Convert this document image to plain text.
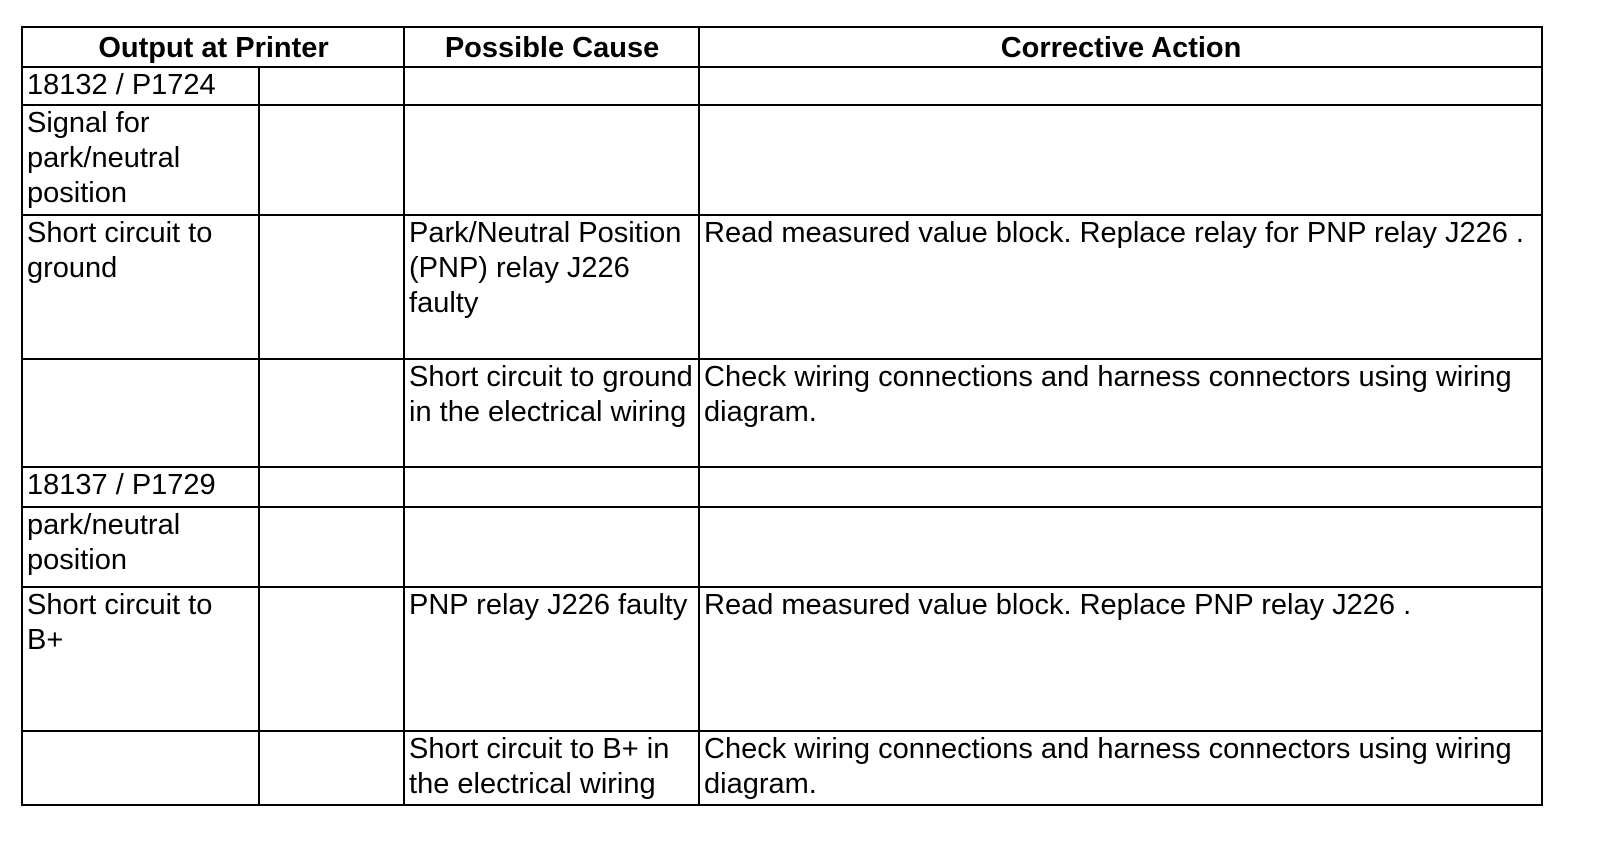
Output at Printer		Possible Cause	Corrective Action
18132 / P1724			
Signal for park/neutral position			
Short circuit to ground		Park/Neutral Position (PNP) relay J226 faulty	Read measured value block. Replace relay for PNP relay J226 .
		Short circuit to ground in the electrical wiring	Check wiring connections and harness connectors using wiring diagram.
18137 / P1729			
park/neutral position			
Short circuit to B+		PNP relay J226 faulty	Read measured value block. Replace PNP relay J226 .
		Short circuit to B+ in the electrical wiring	Check wiring connections and harness connectors using wiring diagram.
